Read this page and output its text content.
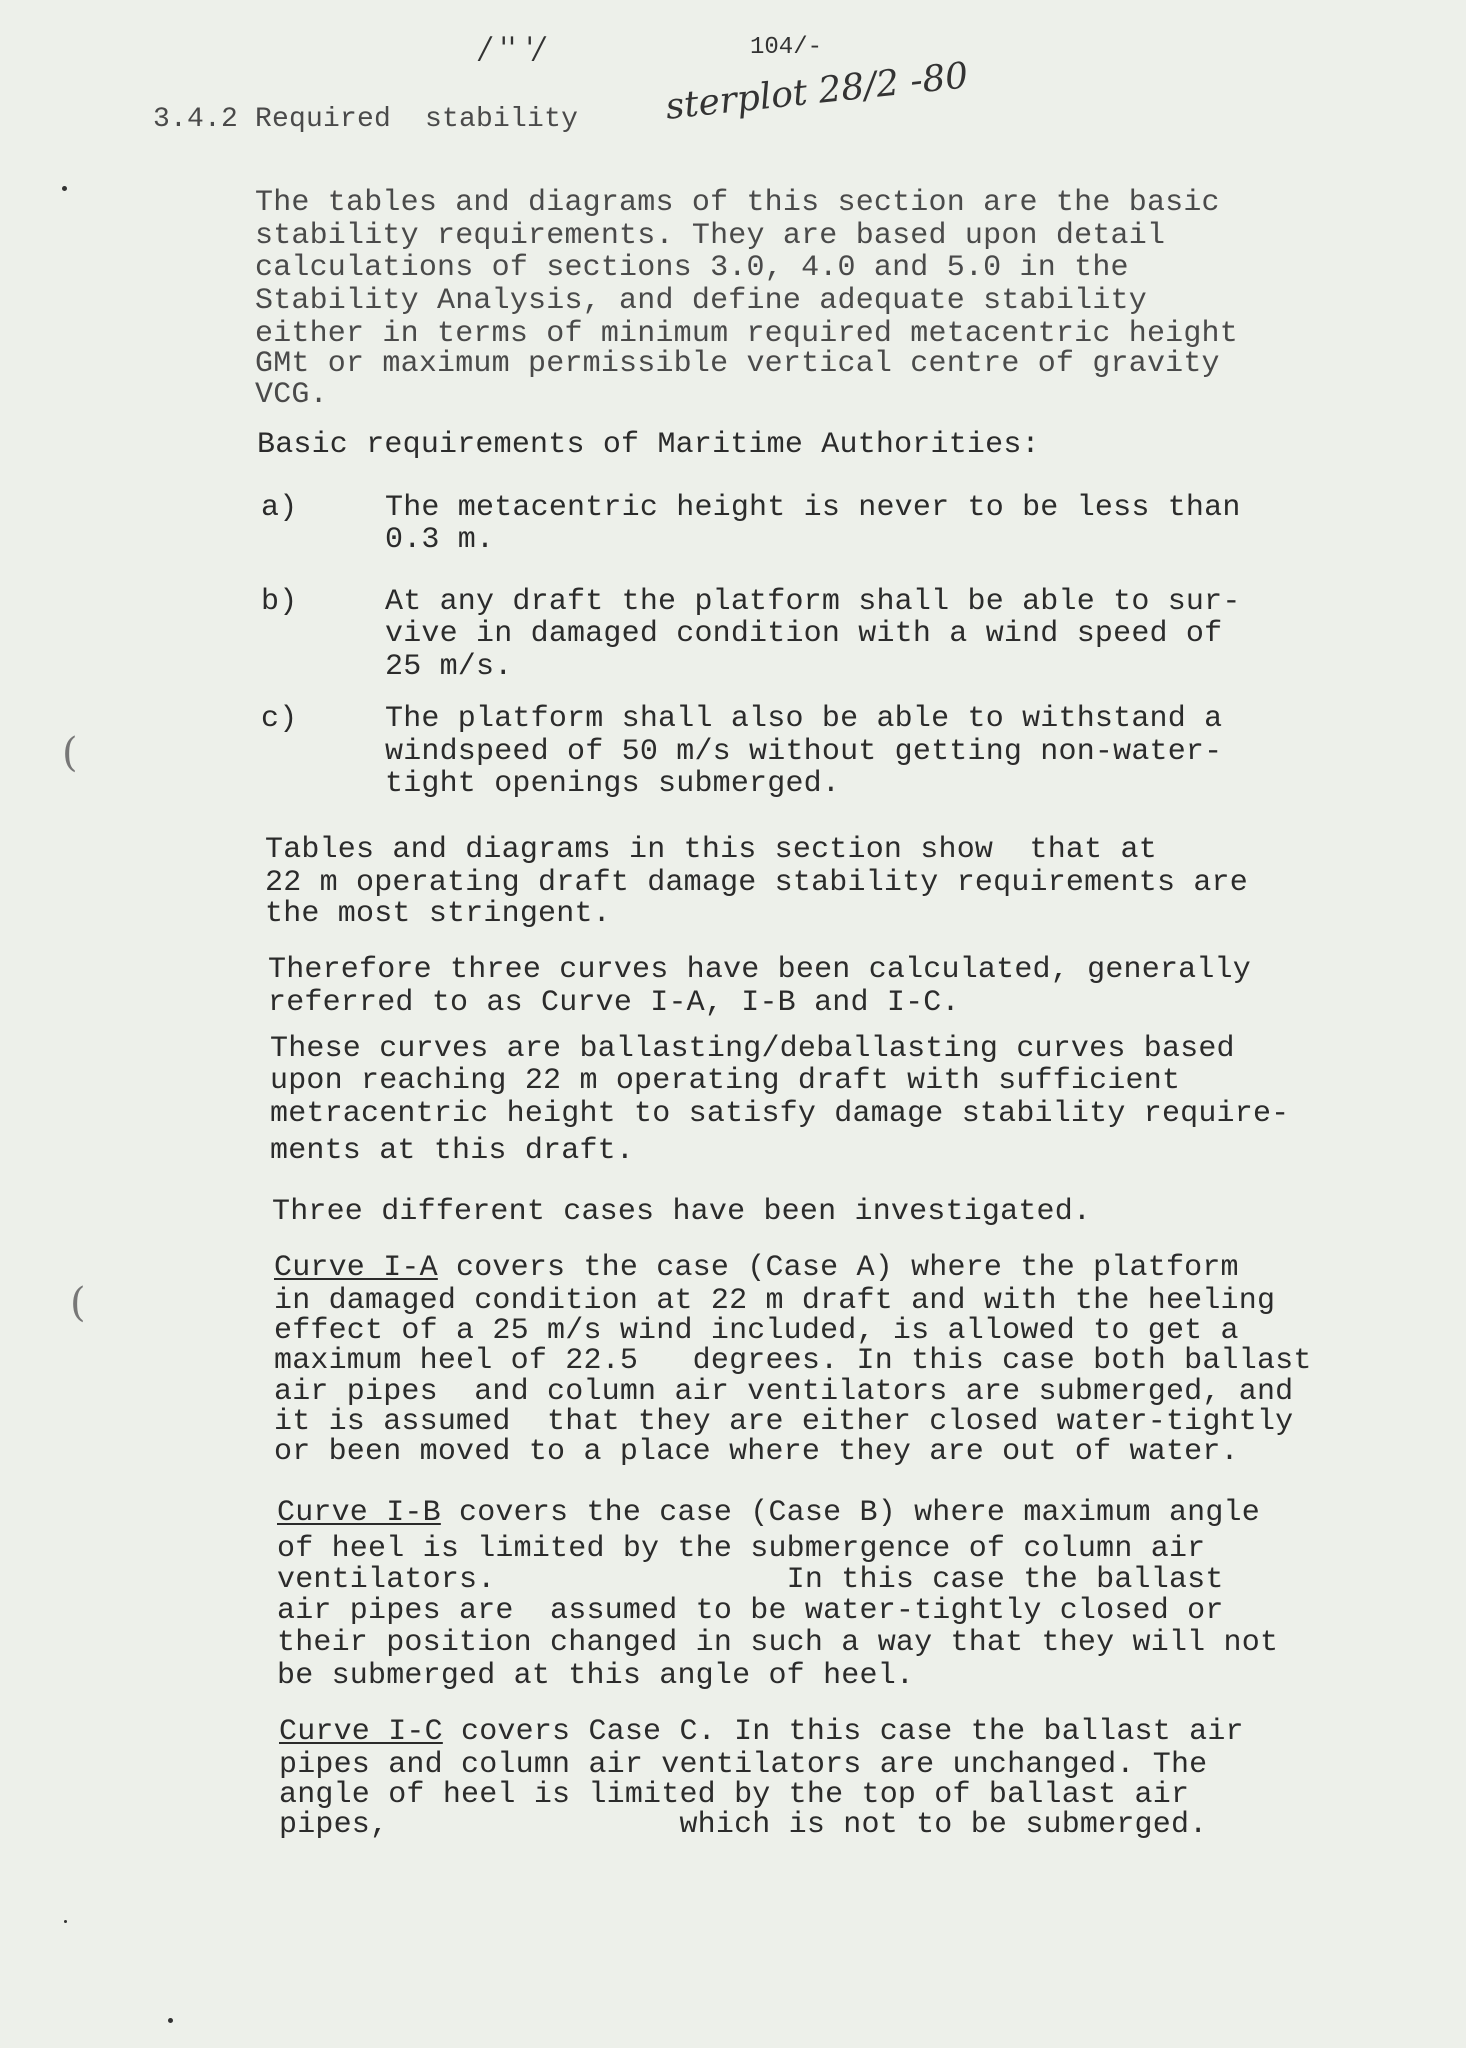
/ '' '/	104/-
sterplot 28/2 -80
3.4.2 Required  stability
The tables and diagrams of this section are the basic
stability requirements. They are based upon detail
calculations of sections 3.0, 4.0 and 5.0 in the
Stability Analysis, and define adequate stability
either in terms of minimum required metacentric height
GMt or maximum permissible vertical centre of gravity
VCG.
Basic requirements of Maritime Authorities:
a)	The metacentric height is never to be less than
0.3 m.
b)	At any draft the platform shall be able to sur-
vive in damaged condition with a wind speed of
25 m/s.
c)	The platform shall also be able to withstand a
windspeed of 50 m/s without getting non-water-
tight openings submerged.
Tables and diagrams in this section show  that at
22 m operating draft damage stability requirements are
the most stringent.
Therefore three curves have been calculated, generally
referred to as Curve I-A, I-B and I-C.
These curves are ballasting/deballasting curves based
upon reaching 22 m operating draft with sufficient
metracentric height to satisfy damage stability require-
ments at this draft.
Three different cases have been investigated.
Curve I-A covers the case (Case A) where the platform
in damaged condition at 22 m draft and with the heeling
effect of a 25 m/s wind included, is allowed to get a
maximum heel of 22.5   degrees. In this case both ballast
air pipes  and column air ventilators are submerged, and
it is assumed  that they are either closed water-tightly
or been moved to a place where they are out of water.
Curve I-B covers the case (Case B) where maximum angle
of heel is limited by the submergence of column air
ventilators.                In this case the ballast
air pipes are  assumed to be water-tightly closed or
their position changed in such a way that they will not
be submerged at this angle of heel.
Curve I-C covers Case C. In this case the ballast air
pipes and column air ventilators are unchanged. The
angle of heel is limited by the top of ballast air
pipes,                which is not to be submerged.
(
(
